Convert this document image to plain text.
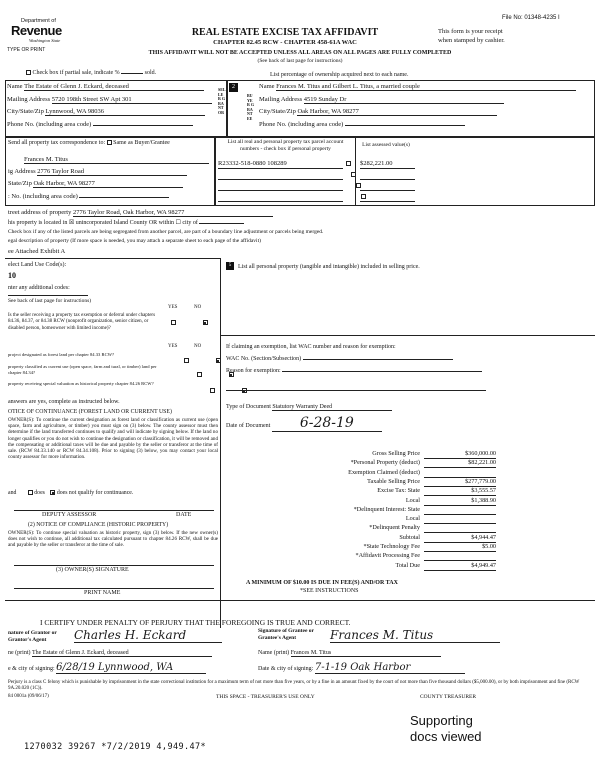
File No: 01348-4235 I
Department of
Revenue
Washington State
TYPE OR PRINT
REAL ESTATE EXCISE TAX AFFIDAVIT
CHAPTER 82.45 RCW - CHAPTER 458-61A WAC
This form is your receipt
when stamped by cashier.
THIS AFFIDAVIT WILL NOT BE ACCEPTED UNLESS ALL AREAS ON ALL PAGES ARE FULLY COMPLETED
(See back of last page for instructions)
Check box if partial sale, indicate %	sold.	List percentage of ownership acquired next to each name.
SELLER GRANTOR
Name The Estate of Glenn J. Eckard, deceased
Mailing Address 5720 198th Street SW Apt 301
City/State/Zip Lynnwood, WA 98036
Phone No. (including area code)
2
BUYER GRANTEE
Name Frances M. Titus and Gilbert L. Titus, a married couple
Mailing Address 4519 Sunday Dr
City/State/Zip Oak Harbor, WA 98277
Phone No. (including area code)
Send all property tax correspondence to: Same as Buyer/Grantee
Frances M. Titus
ig Address 2776 Taylor Road
State/Zip Oak Harbor, WA 98277
: No. (including area code)
List all real and personal property tax parcel account numbers - check box if personal property
List assessed value(s)
R23332-518-0880 108289	$282,221.00
treet address of property 2776 Taylor Road, Oak Harbor, WA 98277
his property is located in ☒ unincorporated Island County OR within ☐ city of
Check box if any of the listed parcels are being segregated from another parcel, are part of a boundary line adjustment or parcels being merged.
egal description of property (If more space is needed, you may attach a separate sheet to each page of the affidavit)
ee Attached Exhibit A
elect Land Use Code(s):
10
nter any additional codes:
See back of last page for instructions)
YES	NO
Is the seller receiving a property tax exemption or deferral under chapters 84.36, 84.37, or 84.38 RCW (nonprofit organization, senior citizen, or disabled person, homeowner with limited income)?

YES	NO
project designated as forest land per chapter 84.33 RCW?

property classified as current use (open space, farm and tural, or timber) land per chapter 84.34?

property receiving special valuation as historical property chapter 84.26 RCW?

answers are yes, complete as instructed below.
OTICE OF CONTINUANCE (FOREST LAND OR CURRENT USE)
OWNER(S): To continue the current designation as forest land or classification as current use (open space, farm and agriculture, or timber) you must sign on (3) below. The county assessor must then determine if the land transferred continues to qualify and will indicate by signing below. If the land no longer qualifies or you do not wish to continue the designation or classification, it will be removed and the compensating or additional taxes will be due and payable by the seller or transferor at the time of sale. (RCW 84.33.140 or RCW 84.34.108). Prior to signing (3) below, you may contact your local county assessor for more information.
and	does does not qualify for continuance.
DEPUTY ASSESSOR	DATE
(2) NOTICE OF COMPLIANCE (HISTORIC PROPERTY)
OWNER(S): To continue special valuation as historic property, sign (3) below. If the new owner(s) does not wish to continue, all additional tax calculated pursuant to chapter 84.26 RCW, shall be due and payable by the seller or transferor at the time of sale.
(3) OWNER(S) SIGNATURE
PRINT NAME
5	List all personal property (tangible and intangible) included in selling price.
If claiming an exemption, list WAC number and reason for exemption:
WAC No. (Section/Subsection)
Reason for exemption:
Type of Document Statutory Warranty Deed
Date of Document 6-28-19
Gross Selling Price	$360,000.00
*Personal Property (deduct)	$82,221.00
Exemption Claimed (deduct)
Taxable Selling Price	$277,779.00
Excise Tax: State	$3,555.57
Local	$1,388.90
*Delinquent Interest: State
Local
*Delinquent Penalty
Subtotal	$4,944.47
*State Technology Fee	$5.00
*Affidavit Processing Fee
Total Due	$4,949.47
A MINIMUM OF $10.00 IS DUE IN FEE(S) AND/OR TAX
*SEE INSTRUCTIONS
I CERTIFY UNDER PENALTY OF PERJURY THAT THE FOREGOING IS TRUE AND CORRECT.
nature of Grantor or Grantor's Agent	Charles H. Eckard	Signature of Grantee or Grantee's Agent	Frances M. Titus
ne (print) The Estate of Glenn J. Eckard, deceased	Name (print) Frances M. Titus
e & city of signing: 6/28/19 Lynnwood, WA	Date & city of signing: 7-1-19 Oak Harbor
Perjury is a class C felony which is punishable by imprisonment in the state correctional institution for a maximum term of not more than five years, or by a fine in an amount fixed by the court of not more than five thousand dollars ($5,000.00), or by both imprisonment and fine (RCW 9A.20.020 (1C)).
84 0001a (09/06/17)	THIS SPACE - TREASURER'S USE ONLY	COUNTY TREASURER
Supporting
docs viewed
1270032 39267 *7/2/2019 4,949.47*
